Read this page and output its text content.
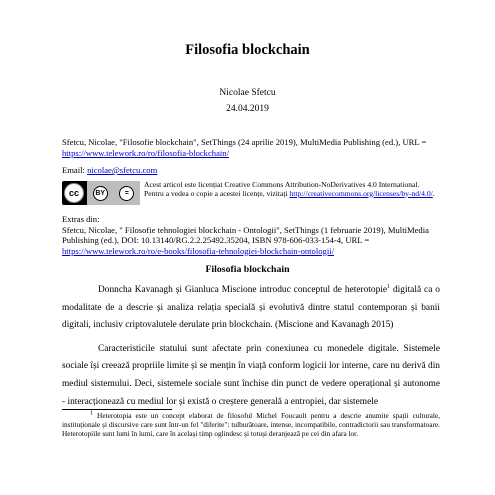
Filosofia blockchain
Nicolae Sfetcu
24.04.2019
Sfetcu, Nicolae, "Filosofie blockchain", SetThings (24 aprilie 2019), MultiMedia Publishing (ed.), URL = https://www.telework.ro/ro/filosofia-blockchain/
Email: nicolae@sfetcu.com
cc	BY	=
Acest articol este licențiat Creative Commons Attribution-NoDerivatives 4.0 International. Pentru a vedea o copie a acestei licențe, vizitați http://creativecommons.org/licenses/by-nd/4.0/.
Extras din:
Sfetcu, Nicolae, " Filosofie tehnologiei blockchain - Ontologii", SetThings (1 februarie 2019), MultiMedia Publishing (ed.), DOI: 10.13140/RG.2.2.25492.35204, ISBN 978-606-033-154-4, URL = https://www.telework.ro/ro/e-books/filosofia-tehnologiei-blockchain-ontologii/
Filosofia blockchain

Donncha Kavanagh și Gianluca Miscione introduc conceptul de heterotopie$^1$ digitală ca o modalitate de a descrie și analiza relația specială și evolutivă dintre statul contemporan și banii digitali, inclusiv criptovalutele derulate prin blockchain. (Miscione and Kavanagh 2015)

Caracteristicile statului sunt afectate prin conexiunea cu monedele digitale. Sistemele sociale își creează propriile limite și se mențin în viață conform logicii lor interne, care nu derivă din mediul sistemului. Deci, sistemele sociale sunt închise din punct de vedere operațional și autonome - interacționează cu mediul lor și există o creștere generală a entropiei, dar sistemele

$^1$ Heterotopia este un concept elaborat de filosoful Michel Foucault pentru a descrie anumite spații culturale, instituționale și discursive care sunt într-un fel "diferite": tulburătoare, intense, incompatibile, contradictorii sau transformatoare. Heterotopiile sunt lumi în lumi, care în același timp oglindesc și totuși deranjează pe cei din afara lor.
